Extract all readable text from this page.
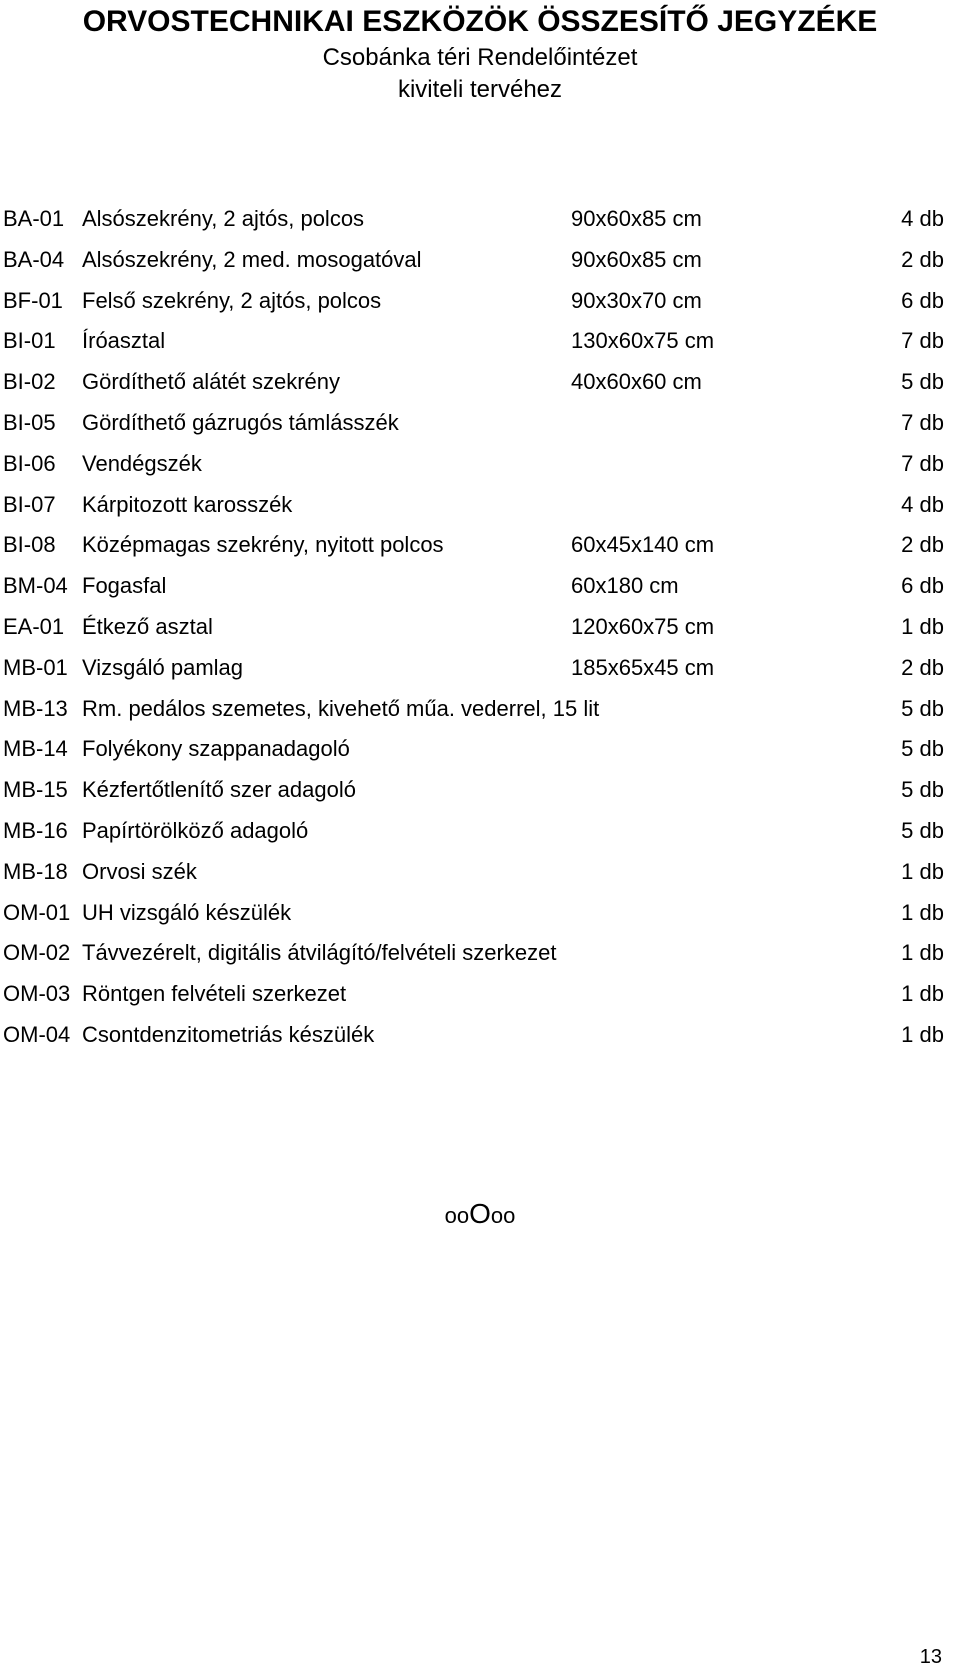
ORVOSTECHNIKAI ESZKÖZÖK ÖSSZESÍTŐ JEGYZÉKE
Csobánka téri Rendelőintézet
kiviteli tervéhez
BA-01 Alsószekrény, 2 ajtós, polcos	90x60x85 cm	4 db
BA-04 Alsószekrény, 2 med. mosogatóval	90x60x85 cm	2 db
BF-01 Felső szekrény, 2 ajtós, polcos	90x30x70 cm	6 db
BI-01 Íróasztal	130x60x75 cm	7 db
BI-02 Gördíthető alátét szekrény	40x60x60 cm	5 db
BI-05 Gördíthető gázrugós támlásszék	7 db
BI-06 Vendégszék	7 db
BI-07 Kárpitozott karosszék	4 db
BI-08 Középmagas szekrény, nyitott polcos	60x45x140 cm	2 db
BM-04 Fogasfal	60x180 cm	6 db
EA-01 Étkező asztal	120x60x75 cm	1 db
MB-01 Vizsgáló pamlag	185x65x45 cm	2 db
MB-13 Rm. pedálos szemetes, kivehető műa. vederrel, 15 lit	5 db
MB-14 Folyékony szappanadagoló	5 db
MB-15 Kézfertőtlenítő szer adagoló	5 db
MB-16 Papírtörölköző adagoló	5 db
MB-18 Orvosi szék	1 db
OM-01 UH vizsgáló készülék	1 db
OM-02 Távvezérelt, digitális átvilágító/felvételi szerkezet	1 db
OM-03 Röntgen felvételi szerkezet	1 db
OM-04 Csontdenzitometriás készülék	1 db
ooOoo
13
